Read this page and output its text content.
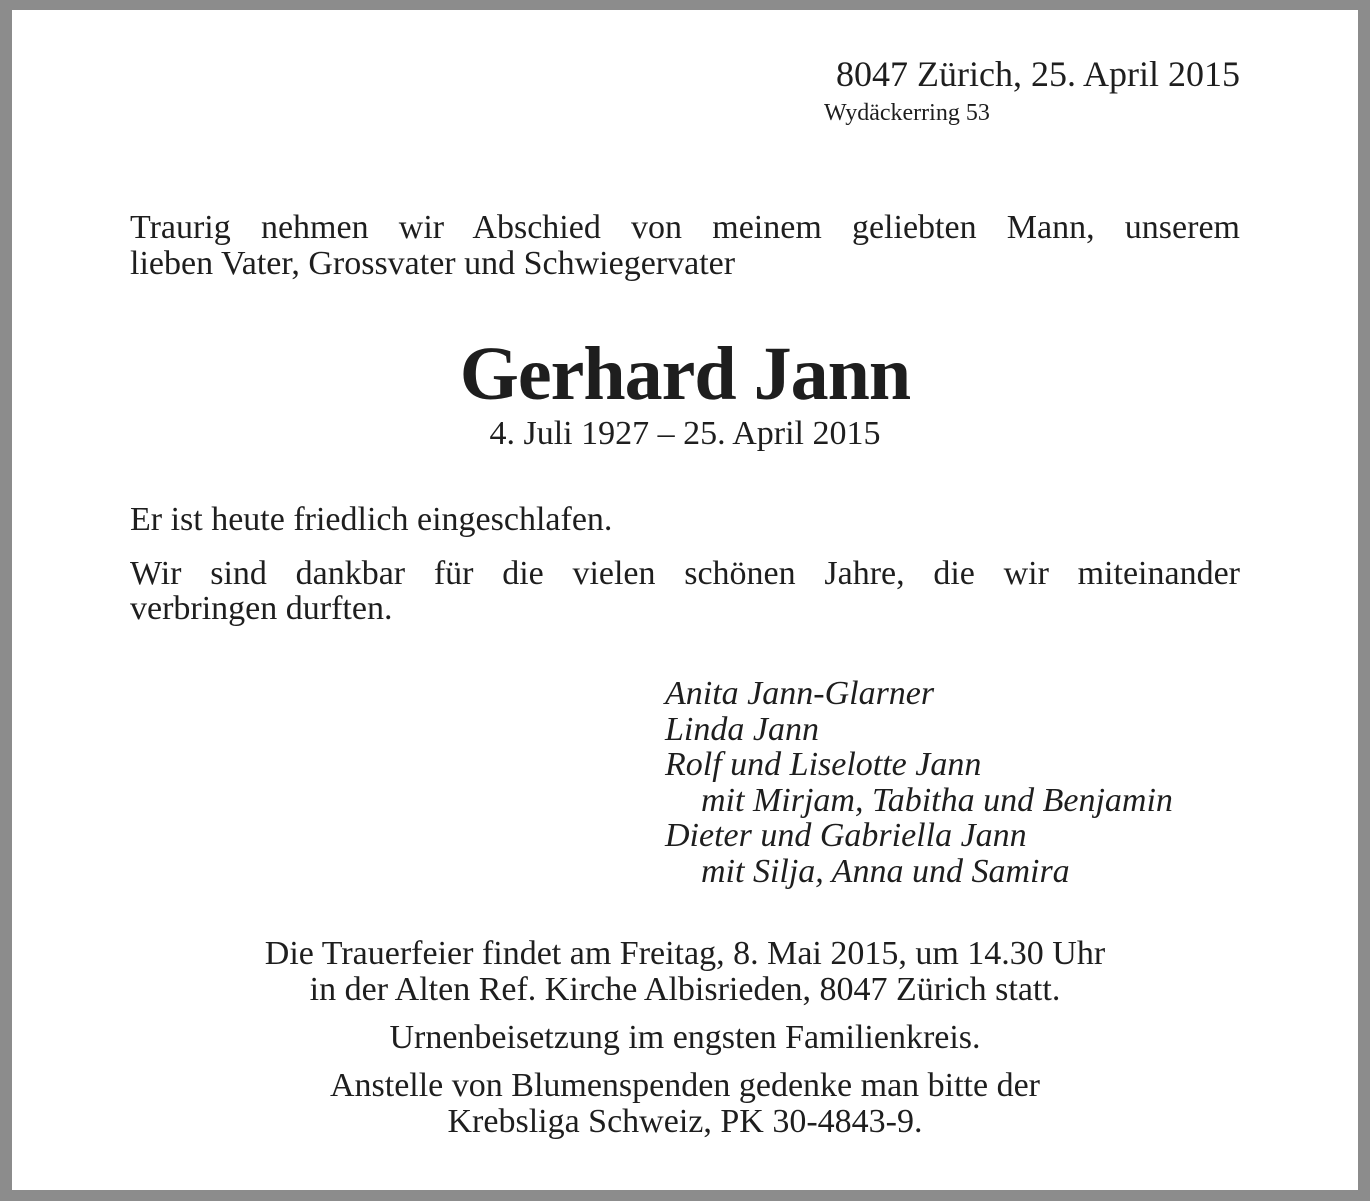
8047 Zürich, 25. April 2015
Wydäckerring 53
Traurig nehmen wir Abschied von meinem geliebten Mann, unserem
lieben Vater, Grossvater und Schwiegervater
Gerhard Jann
4. Juli 1927 – 25. April 2015
Er ist heute friedlich eingeschlafen.
Wir sind dankbar für die vielen schönen Jahre, die wir miteinander
verbringen durften.
Anita Jann-Glarner
Linda Jann
Rolf und Liselotte Jann
mit Mirjam, Tabitha und Benjamin
Dieter und Gabriella Jann
mit Silja, Anna und Samira
Die Trauerfeier findet am Freitag, 8. Mai 2015, um 14.30 Uhr
in der Alten Ref. Kirche Albisrieden, 8047 Zürich statt.
Urnenbeisetzung im engsten Familienkreis.
Anstelle von Blumenspenden gedenke man bitte der
Krebsliga Schweiz, PK 30-4843-9.
